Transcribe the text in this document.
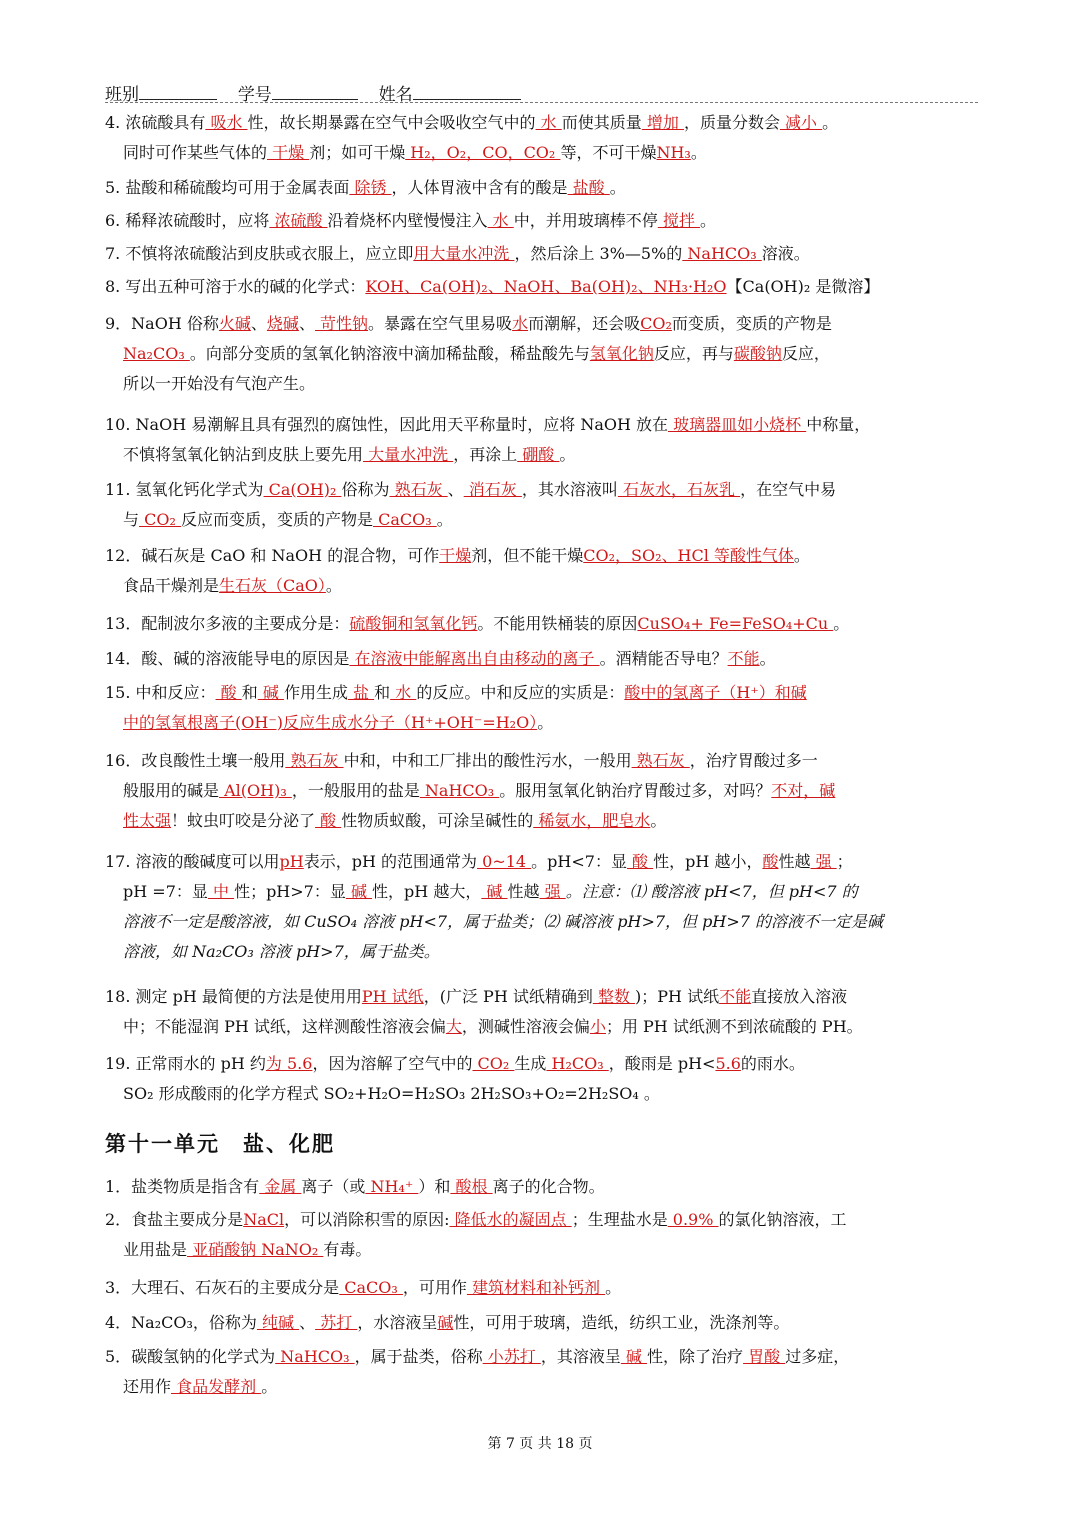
班别	学号	姓名
4. 浓硫酸具有 吸水 性，故长期暴露在空气中会吸收空气中的 水 而使其质量 增加 ，质量分数会 减小 。
同时可作某些气体的 干燥 剂；如可干燥 H₂，O₂，CO，CO₂ 等，不可干燥NH₃。
5. 盐酸和稀硫酸均可用于金属表面 除锈 ，人体胃液中含有的酸是 盐酸 。
6. 稀释浓硫酸时，应将 浓硫酸 沿着烧杯内壁慢慢注入 水 中，并用玻璃棒不停 搅拌 。
7. 不慎将浓硫酸沾到皮肤或衣服上，应立即用大量水冲洗 ，然后涂上 3%—5%的 NaHCO₃ 溶液。
8. 写出五种可溶于水的碱的化学式：KOH、Ca(OH)₂、NaOH、Ba(OH)₂、NH₃·H₂O【Ca(OH)₂ 是微溶】
9．NaOH 俗称火碱、烧碱、 苛性钠。暴露在空气里易吸水而潮解，还会吸CO₂而变质，变质的产物是
Na₂CO₃ 。向部分变质的氢氧化钠溶液中滴加稀盐酸，稀盐酸先与氢氧化钠反应，再与碳酸钠反应，
所以一开始没有气泡产生。
10. NaOH 易潮解且具有强烈的腐蚀性，因此用天平称量时，应将 NaOH 放在 玻璃器皿如小烧杯 中称量，
不慎将氢氧化钠沾到皮肤上要先用 大量水冲洗 ，再涂上 硼酸 。
11. 氢氧化钙化学式为 Ca(OH)₂ 俗称为 熟石灰 、 消石灰 ，其水溶液叫 石灰水，石灰乳 ，在空气中易
与 CO₂ 反应而变质，变质的产物是 CaCO₃ 。
12．碱石灰是 CaO 和 NaOH 的混合物，可作干燥剂，但不能干燥CO₂，SO₂、HCl 等酸性气体。
食品干燥剂是生石灰（CaO）。
13．配制波尔多液的主要成分是：硫酸铜和氢氧化钙。不能用铁桶装的原因CuSO₄+ Fe=FeSO₄+Cu 。
14．酸、碱的溶液能导电的原因是 在溶液中能解离出自由移动的离子 。酒精能否导电？不能。
15. 中和反应： 酸 和 碱 作用生成 盐 和 水 的反应。中和反应的实质是：酸中的氢离子（H⁺）和碱
中的氢氧根离子(OH⁻)反应生成水分子（H⁺+OH⁻=H₂O）。
16．改良酸性土壤一般用 熟石灰 中和，中和工厂排出的酸性污水，一般用 熟石灰 ，治疗胃酸过多一
般服用的碱是 Al(OH)₃ ，一般服用的盐是 NaHCO₃ 。服用氢氧化钠治疗胃酸过多，对吗？不对，碱
性太强！蚊虫叮咬是分泌了 酸 性物质蚁酸，可涂呈碱性的 稀氨水，肥皂水。
17. 溶液的酸碱度可以用pH表示，pH 的范围通常为 0~14 。pH<7：显 酸 性，pH 越小，酸性越 强 ；
pH =7：显 中 性；pH>7：显 碱 性，pH 越大， 碱 性越 强 。注意：⑴ 酸溶液 pH<7，但 pH<7 的
溶液不一定是酸溶液，如 CuSO₄ 溶液 pH<7，属于盐类；⑵ 碱溶液 pH>7，但 pH>7 的溶液不一定是碱
溶液，如 Na₂CO₃ 溶液 pH>7，属于盐类。
18. 测定 pH 最简便的方法是使用用PH 试纸，(广泛 PH 试纸精确到 整数 )；PH 试纸不能直接放入溶液
中；不能湿润 PH 试纸，这样测酸性溶液会偏大，测碱性溶液会偏小；用 PH 试纸测不到浓硫酸的 PH。
19. 正常雨水的 pH 约为 5.6，因为溶解了空气中的 CO₂ 生成 H₂CO₃ ，酸雨是 pH<5.6的雨水。
SO₂ 形成酸雨的化学方程式 SO₂+H₂O=H₂SO₃ 2H₂SO₃+O₂=2H₂SO₄ 。
第十一单元　盐、化肥
1．盐类物质是指含有 金属 离子（或 NH₄⁺ ）和 酸根 离子的化合物。
2．食盐主要成分是NaCl，可以消除积雪的原因: 降低水的凝固点 ；生理盐水是 0.9% 的氯化钠溶液，工
业用盐是 亚硝酸钠 NaNO₂ 有毒。
3．大理石、石灰石的主要成分是 CaCO₃ ，可用作 建筑材料和补钙剂 。
4．Na₂CO₃，俗称为 纯碱 、 苏打 ，水溶液呈碱性，可用于玻璃，造纸，纺织工业，洗涤剂等。
5．碳酸氢钠的化学式为 NaHCO₃ ，属于盐类，俗称 小苏打 ，其溶液呈 碱 性，除了治疗 胃酸 过多症，
还用作 食品发酵剂 。
第 7 页 共 18 页
